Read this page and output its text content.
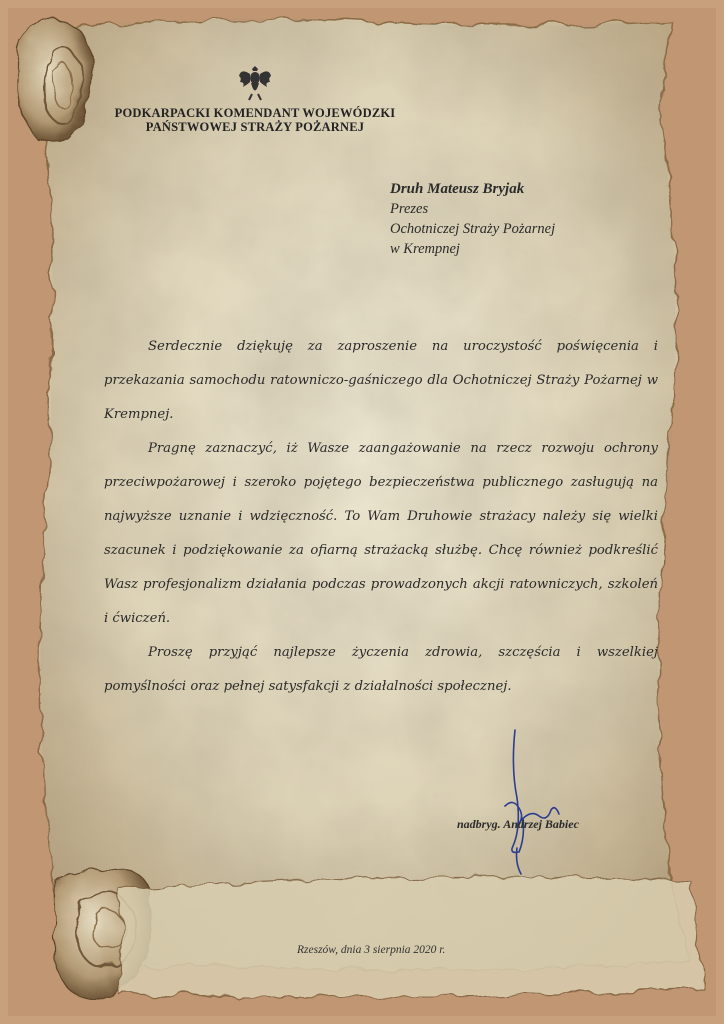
PODKARPACKI KOMENDANT WOJEWÓDZKI
PAŃSTWOWEJ STRAŻY POŻARNEJ
Druh Mateusz Bryjak
Prezes
Ochotniczej Straży Pożarnej
w Krempnej

Serdecznie dziękuję za zaproszenie na uroczystość poświęcenia i przekazania samochodu ratowniczo-gaśniczego dla Ochotniczej Straży Pożarnej w Krempnej.

Pragnę zaznaczyć, iż Wasze zaangażowanie na rzecz rozwoju ochrony przeciwpożarowej i szeroko pojętego bezpieczeństwa publicznego zasługują na najwyższe uznanie i wdzięczność. To Wam Druhowie strażacy należy się wielki szacunek i podziękowanie za ofiarną strażacką służbę. Chcę również podkreślić Wasz profesjonalizm działania podczas prowadzonych akcji ratowniczych, szkoleń i ćwiczeń.

Proszę przyjąć najlepsze życzenia zdrowia, szczęścia i wszelkiej pomyślności oraz pełnej satysfakcji z działalności społecznej.

nadbryg. Andrzej Babiec
Rzeszów, dnia 3 sierpnia 2020 r.
